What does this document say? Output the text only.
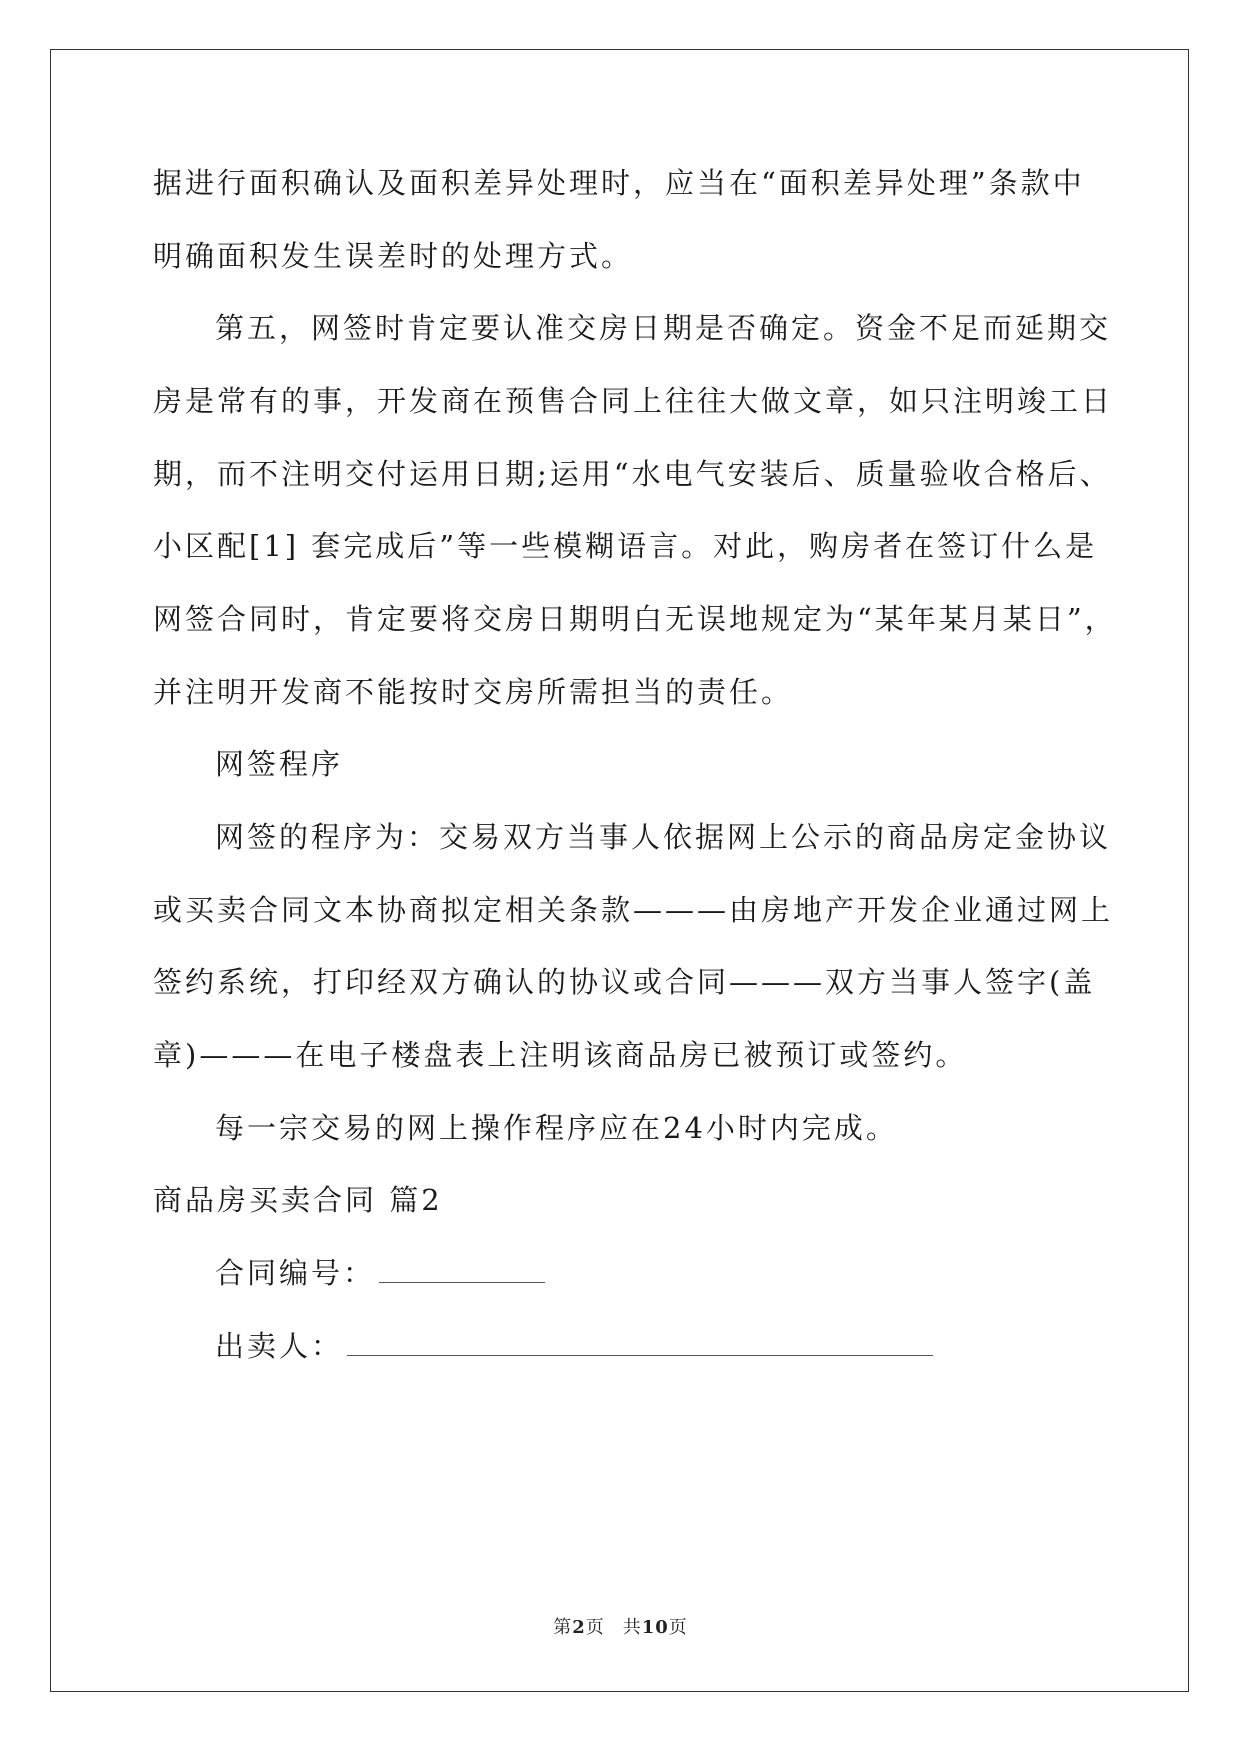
据进行面积确认及面积差异处理时，应当在“面积差异处理”条款中
明确面积发生误差时的处理方式。
第五，网签时肯定要认准交房日期是否确定。资金不足而延期交
房是常有的事，开发商在预售合同上往往大做文章，如只注明竣工日
期，而不注明交付运用日期;运用“水电气安装后、质量验收合格后、
小区配[1] 套完成后”等一些模糊语言。对此，购房者在签订什么是
网签合同时，肯定要将交房日期明白无误地规定为“某年某月某日”，
并注明开发商不能按时交房所需担当的责任。
网签程序
网签的程序为：交易双方当事人依据网上公示的商品房定金协议
或买卖合同文本协商拟定相关条款———由房地产开发企业通过网上
签约系统，打印经双方确认的协议或合同———双方当事人签字(盖
章)———在电子楼盘表上注明该商品房已被预订或签约。
每一宗交易的网上操作程序应在24小时内完成。
商品房买卖合同 篇2
合同编号：
出卖人：
第2页 共10页
